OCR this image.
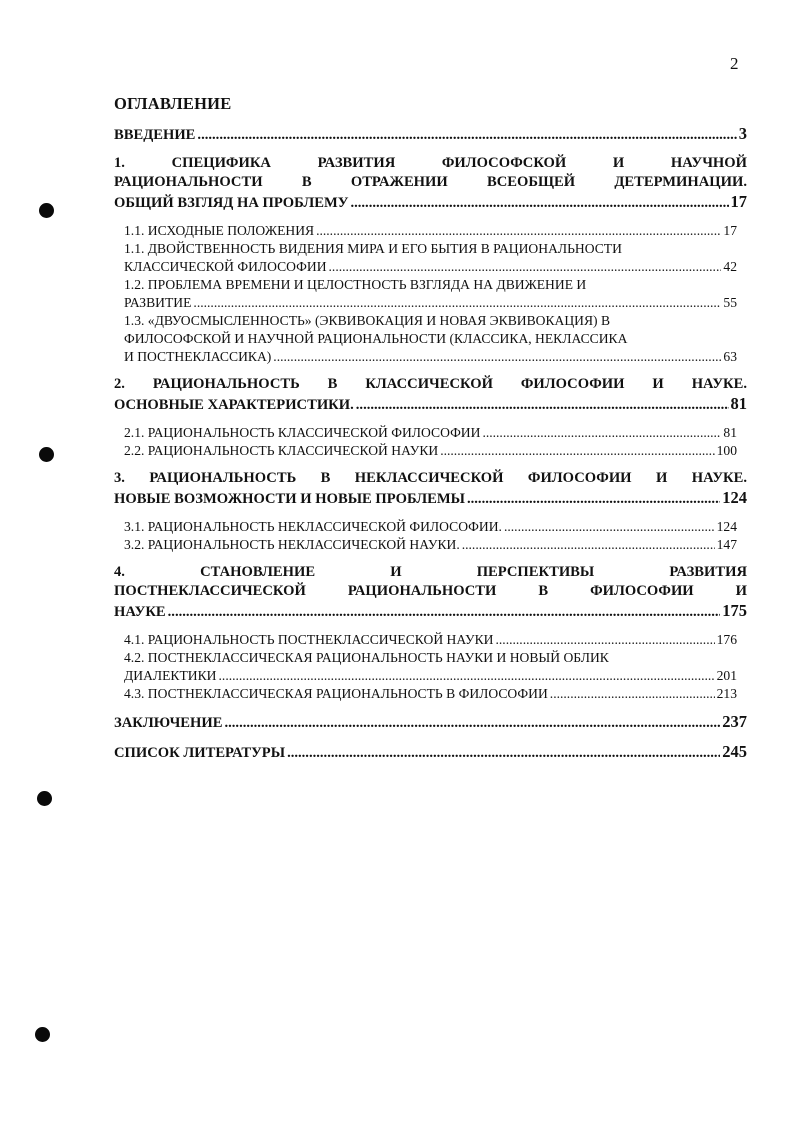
2
ОГЛАВЛЕНИЕ
ВВЕДЕНИЕ .....	3
1. СПЕЦИФИКА РАЗВИТИЯ ФИЛОСОФСКОЙ И НАУЧНОЙ
РАЦИОНАЛЬНОСТИ В ОТРАЖЕНИИ ВСЕОБЩЕЙ ДЕТЕРМИНАЦИИ.
ОБЩИЙ ВЗГЛЯД НА ПРОБЛЕМУ .....	17
1.1. ИСХОДНЫЕ ПОЛОЖЕНИЯ .....	17
1.1. ДВОЙСТВЕННОСТЬ ВИДЕНИЯ МИРА И ЕГО БЫТИЯ В РАЦИОНАЛЬНОСТИ
КЛАССИЧЕСКОЙ ФИЛОСОФИИ .....	42
1.2. ПРОБЛЕМА ВРЕМЕНИ И ЦЕЛОСТНОСТЬ ВЗГЛЯДА НА ДВИЖЕНИЕ И
РАЗВИТИЕ .....	55
1.3. «ДВУОСМЫСЛЕННОСТЬ» (ЭКВИВОКАЦИЯ И НОВАЯ ЭКВИВОКАЦИЯ) В
ФИЛОСОФСКОЙ И НАУЧНОЙ РАЦИОНАЛЬНОСТИ (КЛАССИКА, НЕКЛАССИКА
И ПОСТНЕКЛАССИКА) .....	63
2. РАЦИОНАЛЬНОСТЬ В КЛАССИЧЕСКОЙ ФИЛОСОФИИ И НАУКЕ.
ОСНОВНЫЕ ХАРАКТЕРИСТИКИ. .....	81
2.1. РАЦИОНАЛЬНОСТЬ КЛАССИЧЕСКОЙ ФИЛОСОФИИ .....	81
2.2. РАЦИОНАЛЬНОСТЬ КЛАССИЧЕСКОЙ НАУКИ .....	100
3. РАЦИОНАЛЬНОСТЬ В НЕКЛАССИЧЕСКОЙ ФИЛОСОФИИ И НАУКЕ.
НОВЫЕ ВОЗМОЖНОСТИ И НОВЫЕ ПРОБЛЕМЫ .....	124
3.1. РАЦИОНАЛЬНОСТЬ НЕКЛАССИЧЕСКОЙ ФИЛОСОФИИ. .....	124
3.2. РАЦИОНАЛЬНОСТЬ НЕКЛАССИЧЕСКОЙ НАУКИ. .....	147
4. СТАНОВЛЕНИЕ И ПЕРСПЕКТИВЫ РАЗВИТИЯ
ПОСТНЕКЛАССИЧЕСКОЙ РАЦИОНАЛЬНОСТИ В ФИЛОСОФИИ И
НАУКЕ .....	175
4.1. РАЦИОНАЛЬНОСТЬ ПОСТНЕКЛАССИЧЕСКОЙ НАУКИ .....	176
4.2. ПОСТНЕКЛАССИЧЕСКАЯ РАЦИОНАЛЬНОСТЬ НАУКИ И НОВЫЙ ОБЛИК
ДИАЛЕКТИКИ .....	201
4.3. ПОСТНЕКЛАССИЧЕСКАЯ РАЦИОНАЛЬНОСТЬ В ФИЛОСОФИИ .....	213
ЗАКЛЮЧЕНИЕ .....	237
СПИСОК ЛИТЕРАТУРЫ .....	245
